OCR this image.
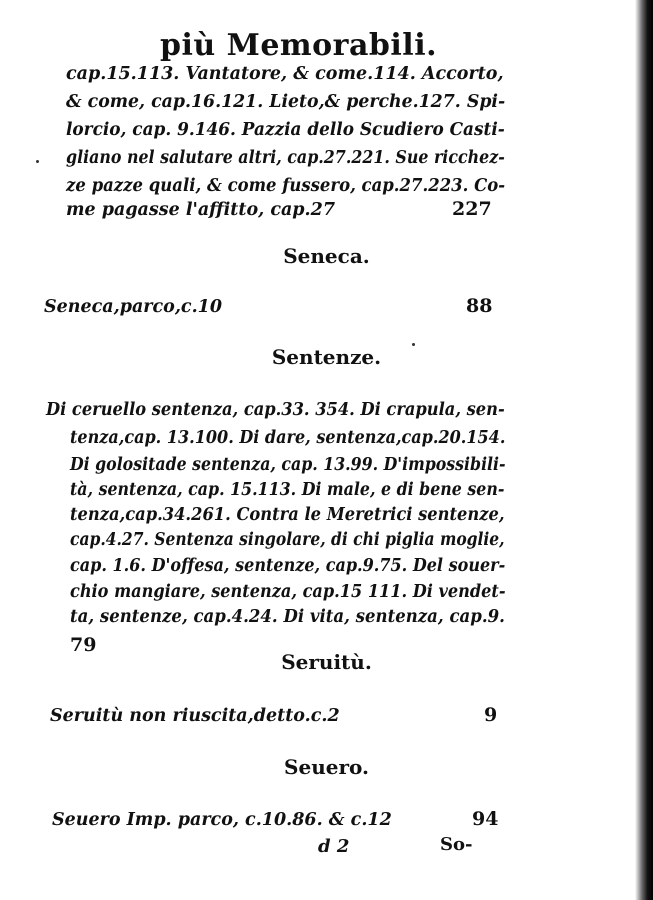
più Memorabili.
cap.15.113. Vantatore, & come.114. Accorto,
& come, cap.16.121. Lieto,& perche.127. Spi-
lorcio, cap. 9.146. Pazzia dello Scudiero Casti-
gliano nel salutare altri, cap.27.221. Sue ricchez-
ze pazze quali, & come fussero, cap.27.223. Co-
me pagasse l'affitto, cap.27	227
Seneca.
Seneca,parco,c.10	88
Sentenze.
Di ceruello sentenza, cap.33. 354. Di crapula, sen-
tenza,cap. 13.100. Di dare, sentenza,cap.20.154.
Di golositade sentenza, cap. 13.99. D'impossibili-
tà, sentenza, cap. 15.113. Di male, e di bene sen-
tenza,cap.34.261. Contra le Meretrici sentenze,
cap.4.27. Sentenza singolare, di chi piglia moglie,
cap. 1.6. D'offesa, sentenze, cap.9.75. Del souer-
chio mangiare, sentenza, cap.15 111. Di vendet-
ta, sentenze, cap.4.24. Di vita, sentenza, cap.9.
79
Seruitù.
Seruitù non riuscita,detto.c.2	9
Seuero.
Seuero Imp. parco, c.10.86. & c.12	94
d 2	So-
